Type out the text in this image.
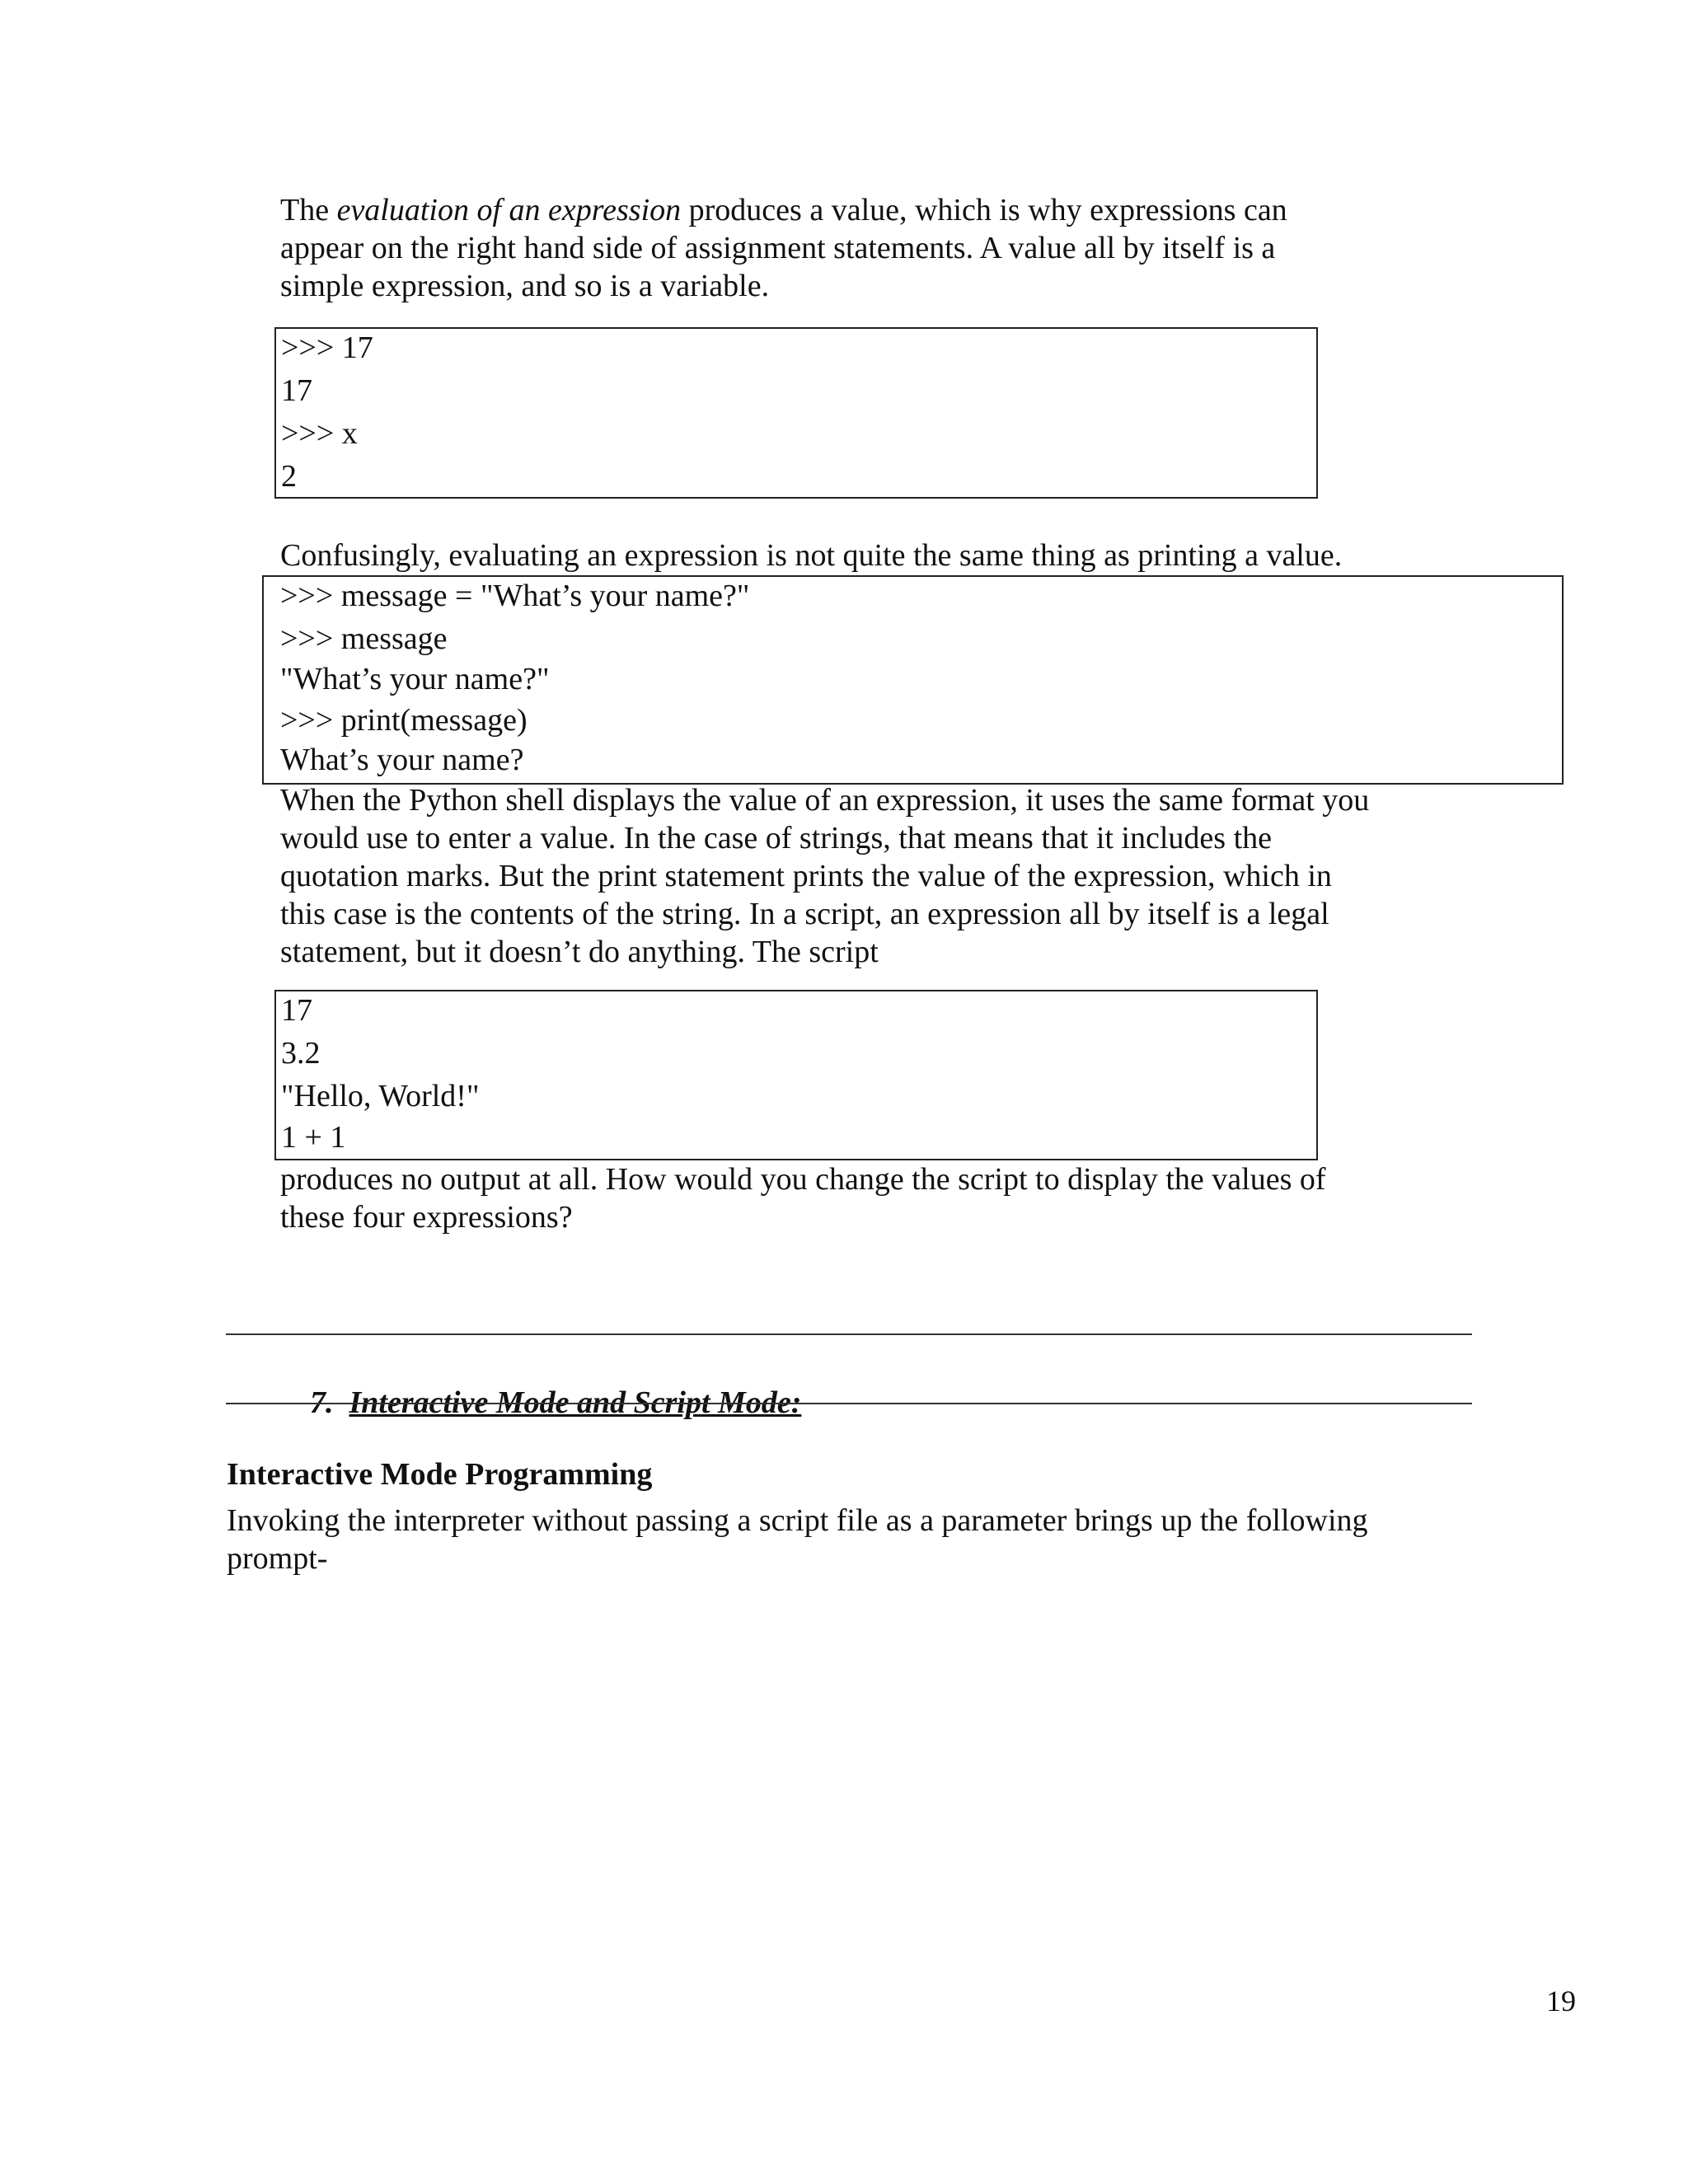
The evaluation of an expression produces a value, which is why expressions can appear on the right hand side of assignment statements. A value all by itself is a simple expression, and so is a variable.

>>> 17
17
>>> x
2

Confusingly, evaluating an expression is not quite the same thing as printing a value.

>>> message = "What’s your name?"
>>> message
"What’s your name?"
>>> print(message)
What’s your name?

When the Python shell displays the value of an expression, it uses the same format you would use to enter a value. In the case of strings, that means that it includes the quotation marks. But the print statement prints the value of the expression, which in this case is the contents of the string. In a script, an expression all by itself is a legal statement, but it doesn’t do anything. The script

17
3.2
"Hello, World!"
1 + 1

produces no output at all. How would you change the script to display the values of these four expressions?

7. Interactive Mode and Script Mode:

Interactive Mode Programming

Invoking the interpreter without passing a script file as a parameter brings up the following prompt-

19
